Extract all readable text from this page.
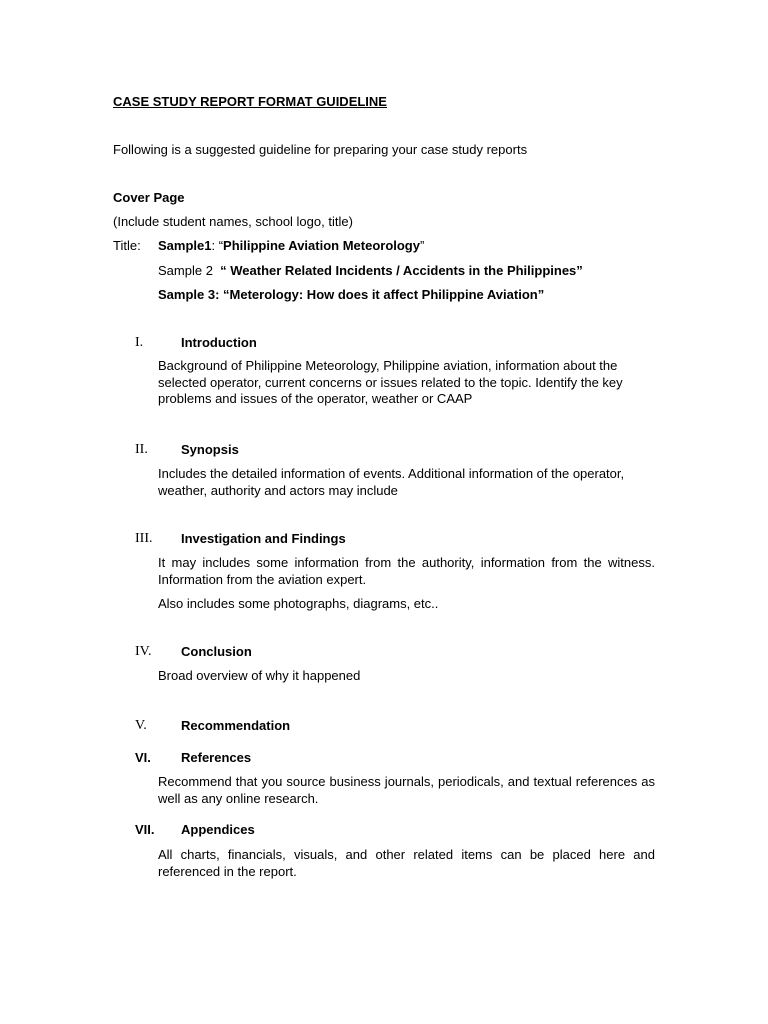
CASE STUDY REPORT FORMAT GUIDELINE
Following is a suggested guideline for preparing your case study reports
Cover Page
(Include student names, school logo, title)
Title: Sample1: “Philippine Aviation Meteorology”
Sample 2 “ Weather Related Incidents / Accidents in the Philippines”
Sample 3: “Meterology: How does it affect Philippine Aviation”
I.	Introduction
Background of Philippine Meteorology, Philippine aviation, information about the selected operator, current concerns or issues related to the topic. Identify the key problems and issues of the operator, weather or CAAP
II.	Synopsis
Includes the detailed information of events. Additional information of the operator, weather, authority and actors may include
III. Investigation and Findings
It may includes some information from the authority, information from the witness. Information from the aviation expert.
Also includes some photographs, diagrams, etc..
IV. Conclusion
Broad overview of why it happened
V.	Recommendation
VI. References
Recommend that you source business journals, periodicals, and textual references as well as any online research.
VII. Appendices
All charts, financials, visuals, and other related items can be placed here and referenced in the report.
